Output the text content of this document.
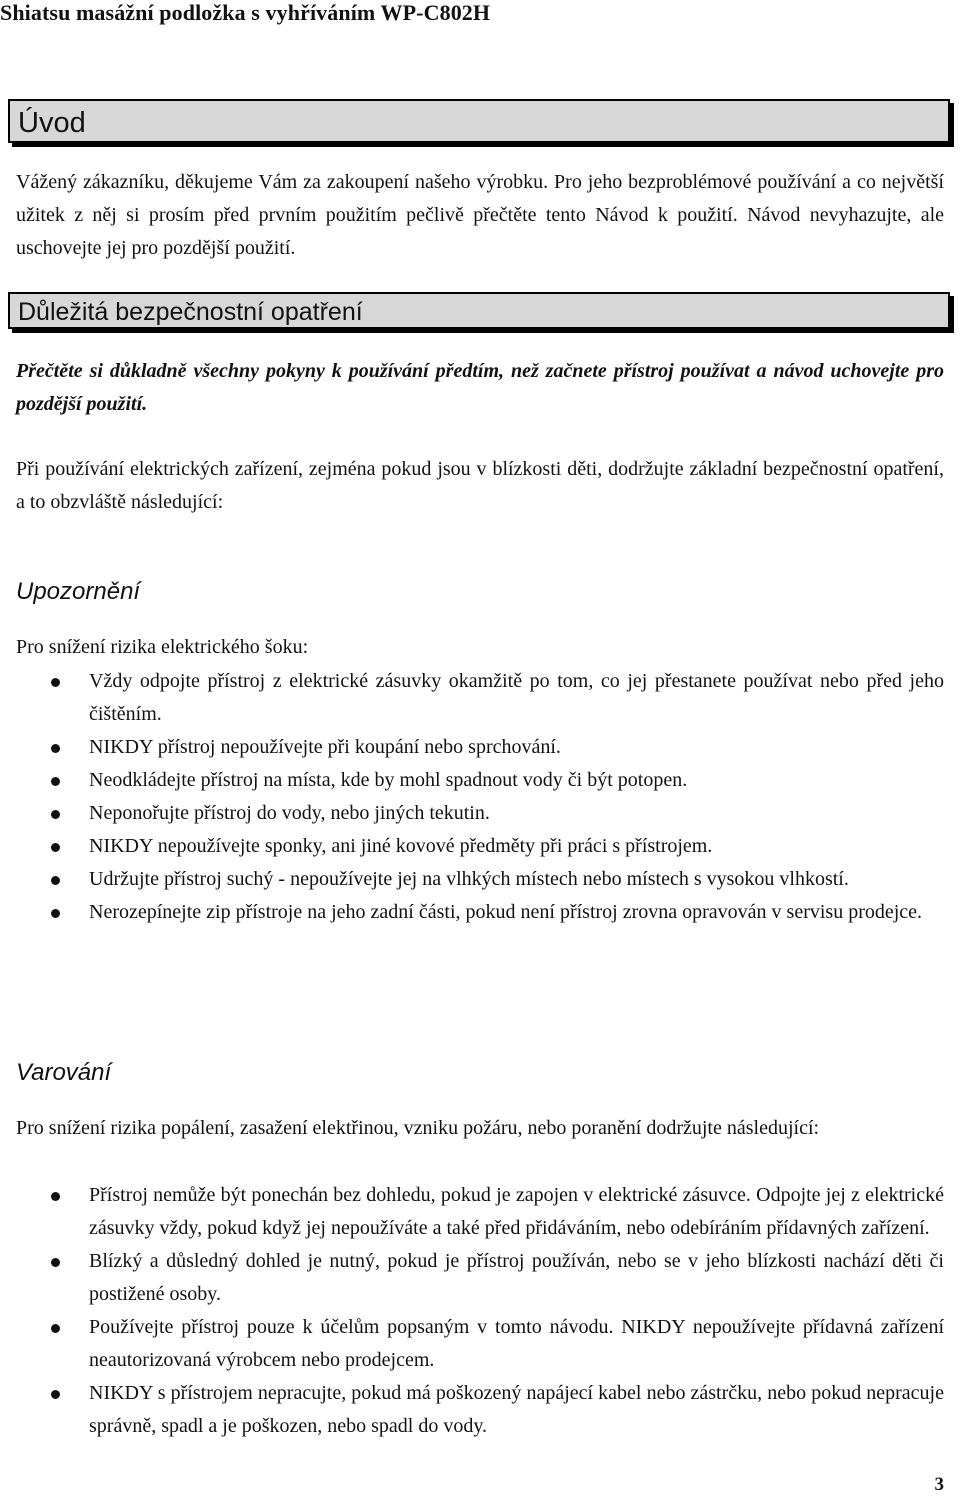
Shiatsu masážní podložka s vyhříváním WP-C802H
Úvod

Vážený zákazníku, děkujeme Vám za zakoupení našeho výrobku. Pro jeho bezproblémové používání a co největší užitek z něj si prosím před prvním použitím pečlivě přečtěte tento Návod k použití. Návod nevyhazujte, ale uschovejte jej pro pozdější použití.

Důležitá bezpečnostní opatření

Přečtěte si důkladně všechny pokyny k používání předtím, než začnete přístroj používat a návod uchovejte pro pozdější použití.

Při používání elektrických zařízení, zejména pokud jsou v blízkosti děti, dodržujte základní bezpečnostní opatření, a to obzvláště následující:

Upozornění

Pro snížení rizika elektrického šoku:

Vždy odpojte přístroj z elektrické zásuvky okamžitě po tom, co jej přestanete používat nebo před jeho čištěním.
NIKDY přístroj nepoužívejte při koupání nebo sprchování.
Neodkládejte přístroj na místa, kde by mohl spadnout vody či být potopen.
Neponořujte přístroj do vody, nebo jiných tekutin.
NIKDY nepoužívejte sponky, ani jiné kovové předměty při práci s přístrojem.
Udržujte přístroj suchý - nepoužívejte jej na vlhkých místech nebo místech s vysokou vlhkostí.
Nerozepínejte zip přístroje na jeho zadní části, pokud není přístroj zrovna opravován v servisu prodejce.
Varování

Pro snížení rizika popálení, zasažení elektřinou, vzniku požáru, nebo poranění dodržujte následující:

Přístroj nemůže být ponechán bez dohledu, pokud je zapojen v elektrické zásuvce. Odpojte jej z elektrické zásuvky vždy, pokud když jej nepoužíváte a také před přidáváním, nebo odebíráním přídavných zařízení.
Blízký a důsledný dohled je nutný, pokud je přístroj používán, nebo se v jeho blízkosti nachází děti či postižené osoby.
Používejte přístroj pouze k účelům popsaným v tomto návodu. NIKDY nepoužívejte přídavná zařízení neautorizovaná výrobcem nebo prodejcem.
NIKDY s přístrojem nepracujte, pokud má poškozený napájecí kabel nebo zástrčku, nebo pokud nepracuje správně, spadl a je poškozen, nebo spadl do vody.
3
